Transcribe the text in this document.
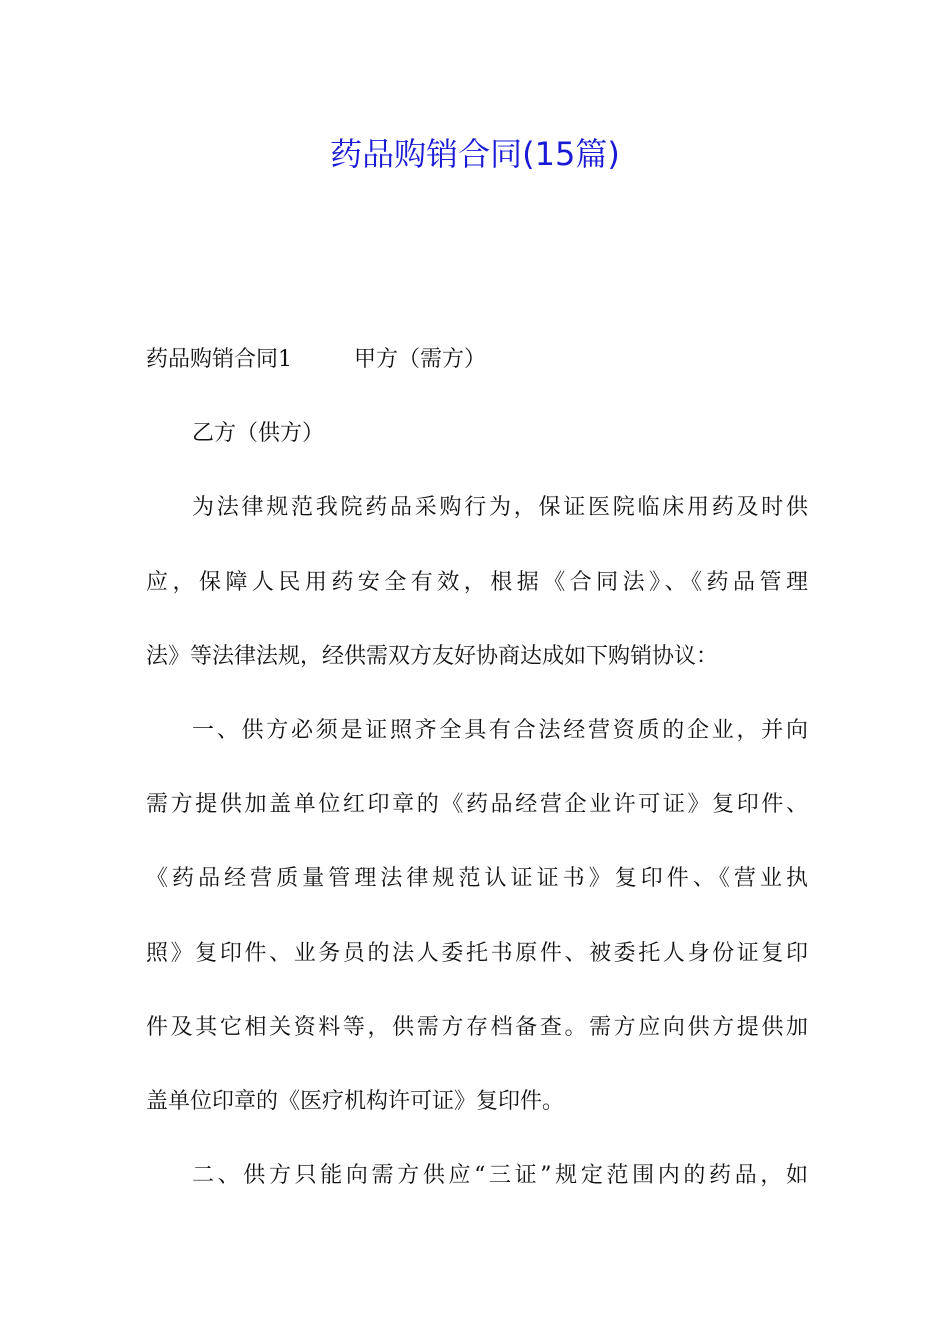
药品购销合同(15篇)
药品购销合同1	甲方（需方）
乙方（供方）
为法律规范我院药品采购行为，保证医院临床用药及时供
应，保障人民用药安全有效，根据《合同法》、《药品管理
法》等法律法规，经供需双方友好协商达成如下购销协议：
一、供方必须是证照齐全具有合法经营资质的企业，并向
需方提供加盖单位红印章的《药品经营企业许可证》复印件、
《药品经营质量管理法律规范认证证书》复印件、《营业执
照》复印件、业务员的法人委托书原件、被委托人身份证复印
件及其它相关资料等，供需方存档备查。需方应向供方提供加
盖单位印章的《医疗机构许可证》复印件。
二、供方只能向需方供应“三证”规定范围内的药品，如
